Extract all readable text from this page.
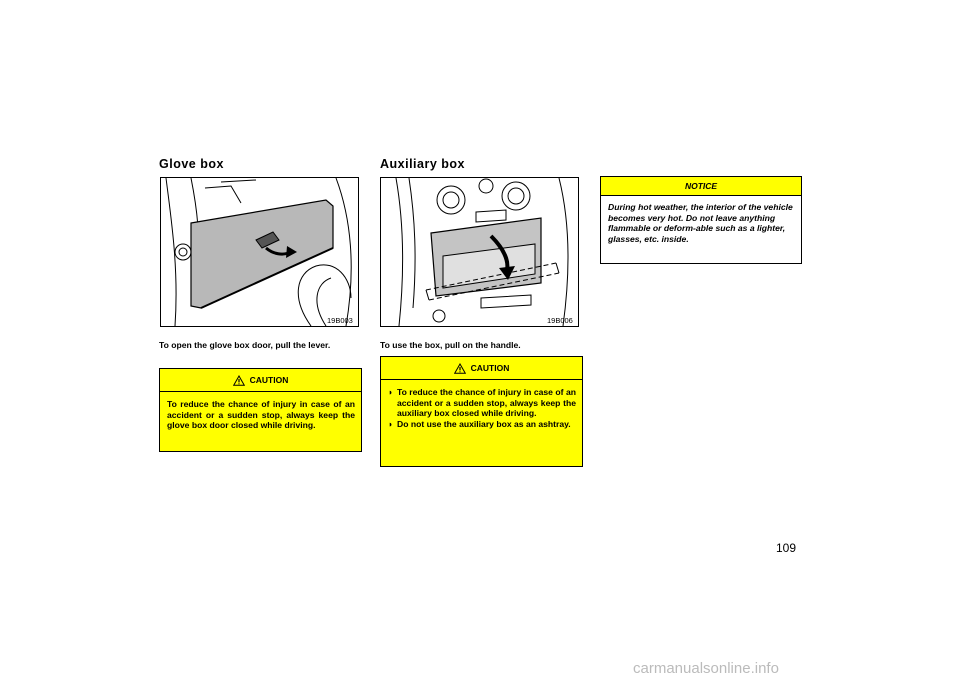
Glove box
19B003
To open the glove box door, pull the lever.
CAUTION
To reduce the chance of injury in case of an accident or a sudden stop, always keep the glove box door closed while driving.
Auxiliary box
19B006
To use the box, pull on the handle.
CAUTION
◗ To reduce the chance of injury in case of an accident or a sudden stop, always keep the auxiliary box closed while driving.
◗ Do not use the auxiliary box as an ashtray.
NOTICE
During hot weather, the interior of the vehicle becomes very hot. Do not leave anything flammable or deform-able such as a lighter, glasses, etc. inside.
109
carmanualsonline.info
